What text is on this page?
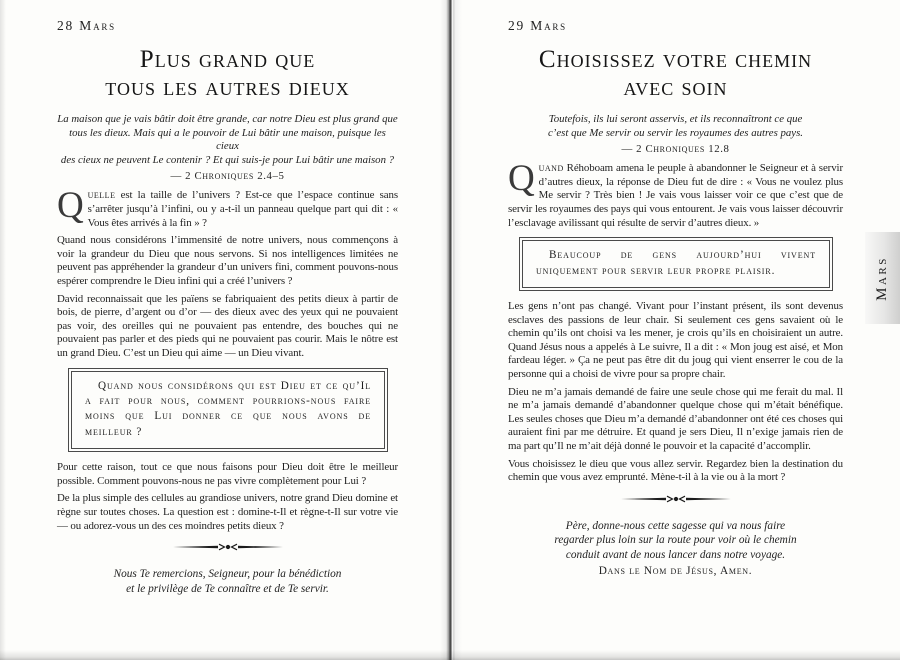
28 Mars
Plus grand que
tous les autres dieux
La maison que je vais bâtir doit être grande, car notre Dieu est plus grand que
tous les dieux. Mais qui a le pouvoir de Lui bâtir une maison, puisque les cieux
des cieux ne peuvent Le contenir ? Et qui suis-je pour Lui bâtir une maison ?
— 2 Chroniques 2.4–5

Quelle est la taille de l’univers ? Est-ce que l’espace continue sans s’arrêter jusqu’à l’infini, ou y a-t-il un panneau quelque part qui dit : « Vous êtes arrivés à la fin » ?

Quand nous considérons l’immensité de notre univers, nous commençons à voir la grandeur du Dieu que nous servons. Si nos intelligences limitées ne peuvent pas appréhender la grandeur d’un univers fini, comment pouvons-nous espérer comprendre le Dieu infini qui a créé l’univers ?

David reconnaissait que les païens se fabriquaient des petits dieux à partir de bois, de pierre, d’argent ou d’or — des dieux avec des yeux qui ne pouvaient pas voir, des oreilles qui ne pouvaient pas entendre, des bouches qui ne pouvaient pas parler et des pieds qui ne pouvaient pas courir. Mais le nôtre est un grand Dieu. C’est un Dieu qui aime — un Dieu vivant.

Quand nous considérons qui est Dieu et ce qu’Il a fait pour nous, comment pourrions-nous faire moins que Lui donner ce que nous avons de meilleur ?

Pour cette raison, tout ce que nous faisons pour Dieu doit être le meilleur possible. Comment pouvons-nous ne pas vivre complètement pour Lui ?

De la plus simple des cellules au grandiose univers, notre grand Dieu domine et règne sur toutes choses. La question est : domine-t-Il et règne-t-Il sur votre vie — ou adorez-vous un des ces moindres petits dieux ?

Nous Te remercions, Seigneur, pour la bénédiction
et le privilège de Te connaître et de Te servir.
29 Mars
Choisissez votre chemin
avec soin
Toutefois, ils lui seront asservis, et ils reconnaîtront ce que
c’est que Me servir ou servir les royaumes des autres pays.
— 2 Chroniques 12.8

Quand Réhoboam amena le peuple à abandonner le Seigneur et à servir d’autres dieux, la réponse de Dieu fut de dire : « Vous ne voulez plus Me servir ? Très bien ! Je vais vous laisser voir ce que c’est que de servir les royaumes des pays qui vous entourent. Je vais vous laisser découvrir l’esclavage avilissant qui résulte de servir d’autres dieux. »

Beaucoup de gens aujourd’hui vivent uniquement pour servir leur propre plaisir.

Les gens n’ont pas changé. Vivant pour l’instant présent, ils sont devenus esclaves des passions de leur chair. Si seulement ces gens savaient où le chemin qu’ils ont choisi va les mener, je crois qu’ils en choisiraient un autre. Quand Jésus nous a appelés à Le suivre, Il a dit : « Mon joug est aisé, et Mon fardeau léger. » Ça ne peut pas être dit du joug qui vient enserrer le cou de la personne qui a choisi de vivre pour sa propre chair.

Dieu ne m’a jamais demandé de faire une seule chose qui me ferait du mal. Il ne m’a jamais demandé d’abandonner quelque chose qui m’était bénéfique. Les seules choses que Dieu m’a demandé d’abandonner ont été ces choses qui auraient fini par me détruire. Et quand je sers Dieu, Il n’exige jamais rien de ma part qu’Il ne m’ait déjà donné le pouvoir et la capacité d’accomplir.

Vous choisissez le dieu que vous allez servir. Regardez bien la destination du chemin que vous avez emprunté. Mène-t-il à la vie ou à la mort ?

Père, donne-nous cette sagesse qui va nous faire
regarder plus loin sur la route pour voir où le chemin
conduit avant de nous lancer dans notre voyage.
Dans le Nom de Jésus, Amen.
Mars
